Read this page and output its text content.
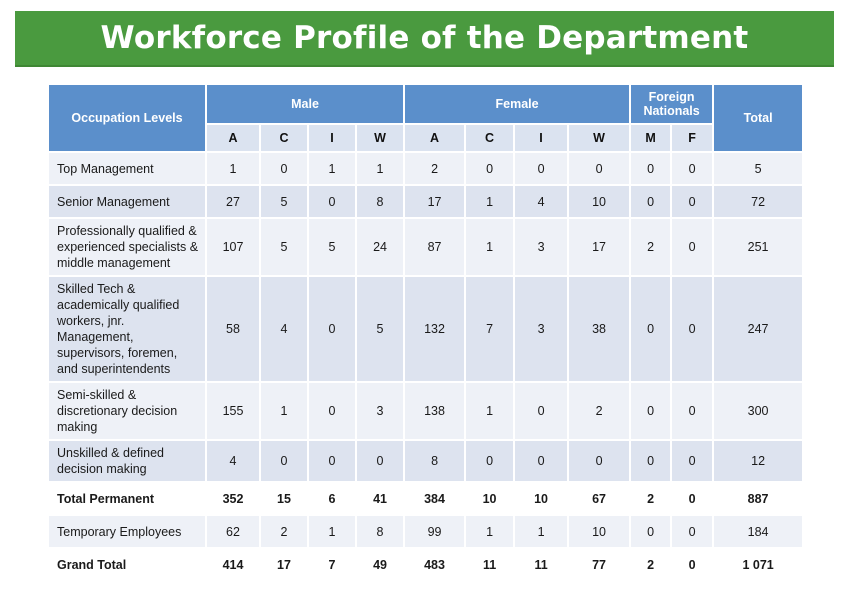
Workforce Profile of the Department
Occupation Levels	Male				Female				Foreign Nationals		Total
	A	C	I	W	A	C	I	W	M	F	
Top Management	1	0	1	1	2	0	0	0	0	0	5
Senior Management	27	5	0	8	17	1	4	10	0	0	72
Professionally qualified & experienced specialists & middle management	107	5	5	24	87	1	3	17	2	0	251
Skilled Tech & academically qualified workers, jnr. Management, supervisors, foremen, and superintendents	58	4	0	5	132	7	3	38	0	0	247
Semi-skilled & discretionary decision making	155	1	0	3	138	1	0	2	0	0	300
Unskilled & defined decision making	4	0	0	0	8	0	0	0	0	0	12
Total Permanent	352	15	6	41	384	10	10	67	2	0	887
Temporary Employees	62	2	1	8	99	1	1	10	0	0	184
Grand Total	414	17	7	49	483	11	11	77	2	0	1 071
